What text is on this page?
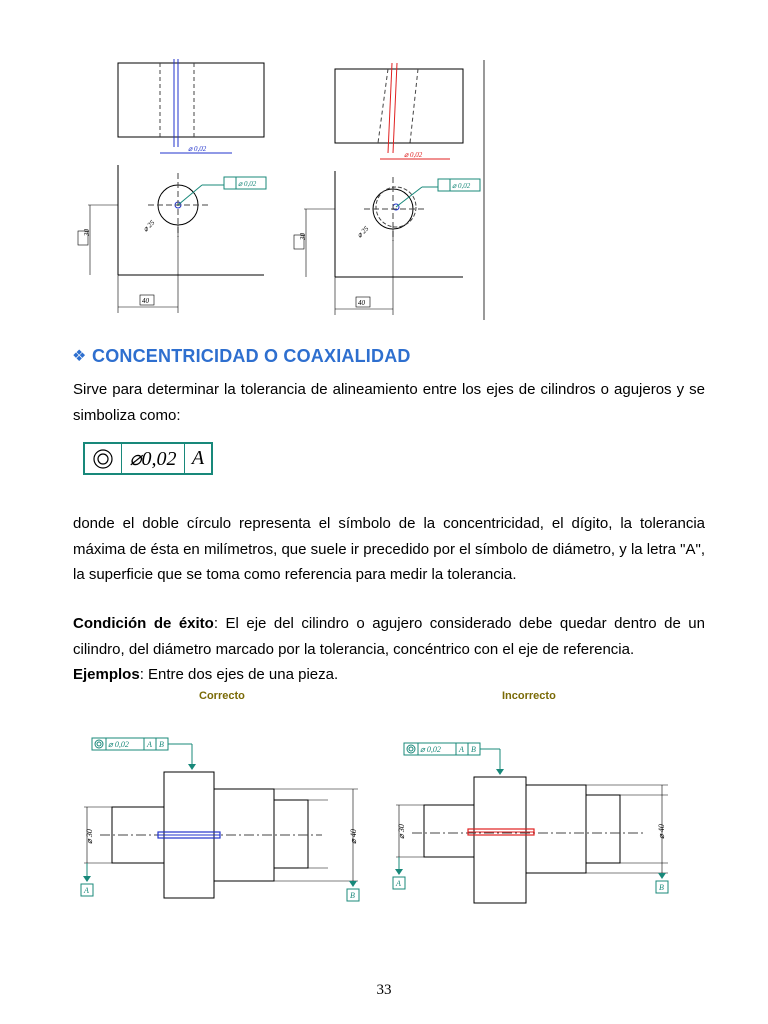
⌀ 0,02
⌀ 0,02
⌀ 25
30
40
⌀ 0,02
⌀ 0,02
⌀ 25
30
40
❖ CONCENTRICIDAD O COAXIALIDAD
Sirve para determinar la tolerancia de alineamiento entre los ejes de cilindros o agujeros y se simboliza como:
⌀0,02 A
donde el doble círculo representa el símbolo de la concentricidad, el dígito, la tolerancia máxima de ésta en milímetros, que suele ir precedido por el símbolo de diámetro, y la letra "A", la superficie que se toma como referencia para medir la tolerancia.
Condición de éxito: El eje del cilindro o agujero considerado debe quedar dentro de un cilindro, del diámetro marcado por la tolerancia, concéntrico con el eje de referencia.
Ejemplos: Entre dos ejes de una pieza.
Correcto	Incorrecto
⌀ 0,02 A B
⌀ 30
A
⌀ 40
B
⌀ 0,02 A B
⌀ 30
A
⌀ 40
B
33
